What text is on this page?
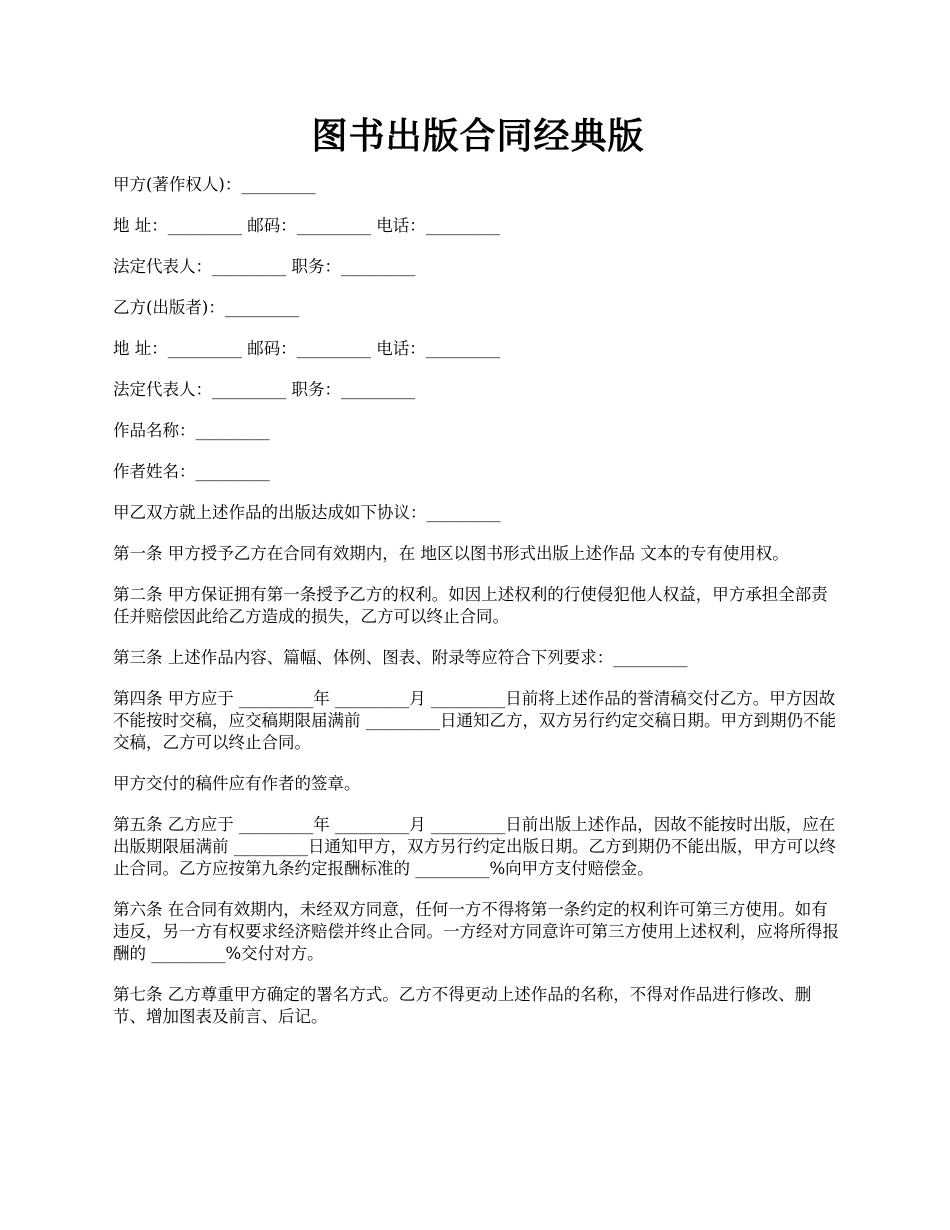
图书出版合同经典版

甲方(著作权人)：_________

地 址：_________ 邮码：_________ 电话：_________

法定代表人：_________ 职务：_________

乙方(出版者)：_________

地 址：_________ 邮码：_________ 电话：_________

法定代表人：_________ 职务：_________

作品名称：_________

作者姓名：_________

甲乙双方就上述作品的出版达成如下协议：_________

第一条 甲方授予乙方在合同有效期内，在 地区以图书形式出版上述作品 文本的专有使用权。

第二条 甲方保证拥有第一条授予乙方的权利。如因上述权利的行使侵犯他人权益，甲方承担全部责任并赔偿因此给乙方造成的损失，乙方可以终止合同。

第三条 上述作品内容、篇幅、体例、图表、附录等应符合下列要求：_________

第四条 甲方应于 _________年 _________月 _________日前将上述作品的誉清稿交付乙方。甲方因故不能按时交稿，应交稿期限届满前 _________日通知乙方，双方另行约定交稿日期。甲方到期仍不能交稿，乙方可以终止合同。

甲方交付的稿件应有作者的签章。

第五条 乙方应于 _________年 _________月 _________日前出版上述作品，因故不能按时出版，应在出版期限届满前 _________日通知甲方，双方另行约定出版日期。乙方到期仍不能出版，甲方可以终止合同。乙方应按第九条约定报酬标准的 _________%向甲方支付赔偿金。

第六条 在合同有效期内，未经双方同意，任何一方不得将第一条约定的权利许可第三方使用。如有违反，另一方有权要求经济赔偿并终止合同。一方经对方同意许可第三方使用上述权利，应将所得报酬的 _________%交付对方。

第七条 乙方尊重甲方确定的署名方式。乙方不得更动上述作品的名称，不得对作品进行修改、删节、增加图表及前言、后记。
